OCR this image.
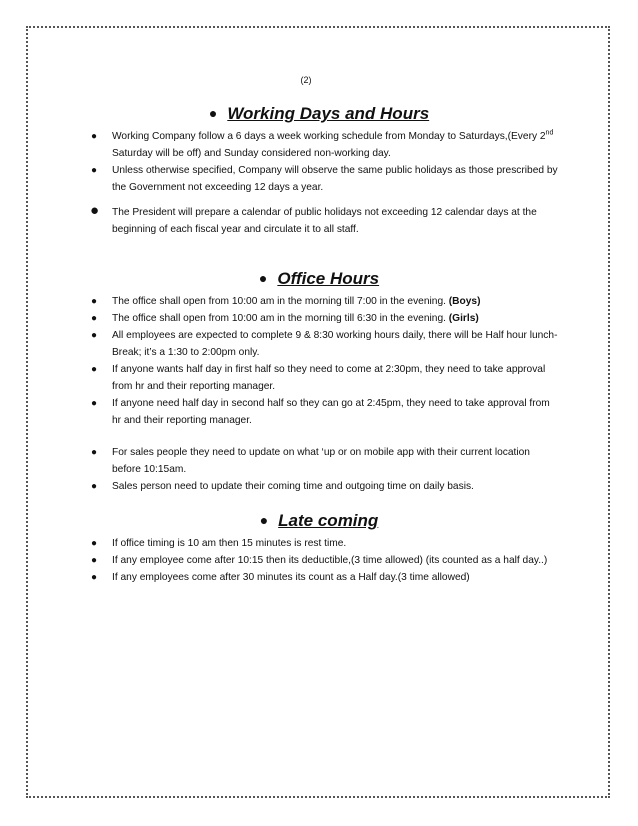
(2)
● Working Days and Hours
● Working Company follow a 6 days a week working schedule from Monday to Saturdays,(Every 2nd Saturday will be off) and Sunday considered non-working day.
● Unless otherwise specified, Company will observe the same public holidays as those prescribed by the Government not exceeding 12 days a year.
● The President will prepare a calendar of public holidays not exceeding 12 calendar days at the beginning of each fiscal year and circulate it to all staff.
● Office Hours
● The office shall open from 10:00 am in the morning till 7:00 in the evening. (Boys)
● The office shall open from 10:00 am in the morning till 6:30 in the evening. (Girls)
● All employees are expected to complete 9 & 8:30 working hours daily, there will be Half hour lunch-Break; it’s a 1:30 to 2:00pm only.
● If anyone wants half day in first half so they need to come at 2:30pm, they need to take approval from hr and their reporting manager.
● If anyone need half day in second half so they can go at 2:45pm, they need to take approval from hr and their reporting manager.
● For sales people they need to update on what ‘up or on mobile app with their current location before 10:15am.
● Sales person need to update their coming time and outgoing time on daily basis.
● Late coming
● If office timing is 10 am then 15 minutes is rest time.
● If any employee come after 10:15 then its deductible,(3 time allowed) (its counted as a half day..)
● If any employees come after 30 minutes its count as a Half day.(3 time allowed)
